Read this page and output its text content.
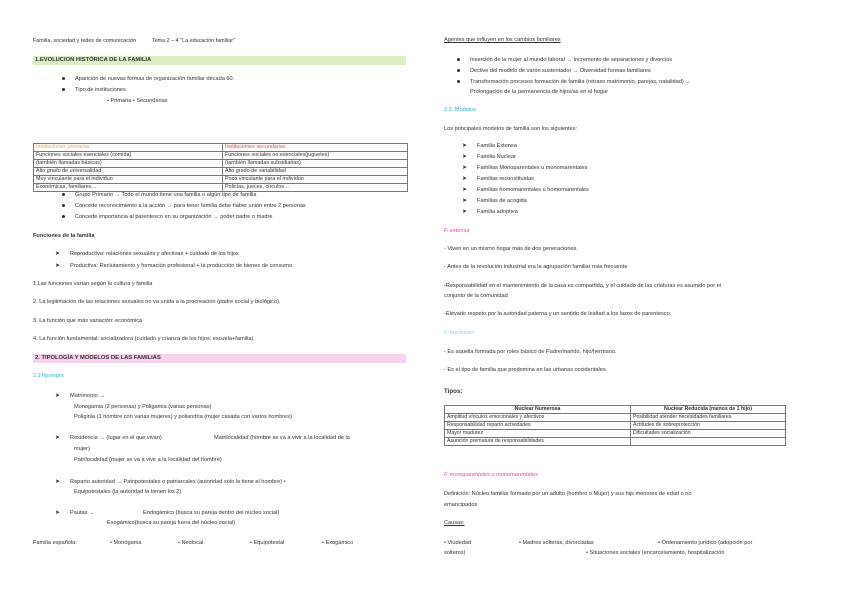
Familia, sociedad y redes de comunicación	Tema 2 – 4 "La educación familiar"
1.EVOLUCION HISTÓRICA DE LA FAMILIA
Aparición de nuevas formas de organización familiar década 60.
Tipo de instituciones
• Primaria • Secundarias
Instituciones primarias	Instituciones secundarias
Funciones sociales esenciales (comida)	Funciones sociales no esenciales(juguetes)
(también llamadas básicas)	(también llamadas subsidiarias)
Alto grado de universalidad	Alto grado de variabilidad
Muy vinculante para el individuo	Poco vinculante para el individuo
Económicas, familiares…	Policías, jueces, círculos…
Grupo Primario → Todo el mundo tiene una familia o algún tipo de familia
Concede reconocimiento a la acción → para tener familia debe haber unión entre 2 personas
Concede importancia al parentesco en su organización → poder padre o madre
Funciones de la familia
➤ Reproductiva: relaciones sexuales y afectivas + cuidado de los hijos
➤ Productiva: Reclutamiento y formación profesional + la producción de bienes de consumo
1.Las funciones varían según la cultura y familia
2. La legitimación de las relaciones sexuales no va unida a la procreación (padre social y biológico).
3. La función que más variación: económica
4. La función fundamental: socializadora (cuidado y crianza de los hijos: escuela+familia)
2. TIPOLOGÍA Y MODELOS DE LAS FAMILIAS
2.1Tipología
➤ Matrimonio →
Monogamia (2 personas) y Poligamia (varias personas)
Poliginia (1 hombre con varias mujeres) y poliandria (mujer casada con varios hombres)
➤ Residencia → (lugar en el que vivan)	Matrilocalidad (hombre se va a vivir a la localidad de la
mujer)
Patrilocalidad (mujer se va a vivir a la localidad del hombre)
➤ Reparto autoridad → Patripotestales o patriarcales (autoridad solo la tiene el hombre) •
Equipotestales (la autoridad la tienen los 2)
➤ Pautas →	Endogámico (busca su pareja dentro del núcleo social)
Exogámico(busca su pareja fuera del núcleo social)
Familia española:	• Monógama	• Neolocal	• Equipotestal	• Exogámico
Agentes que influyen en los cambios familiares
Inserción de la mujer al mundo laboral → Incremento de separaciones y divorcios
Declive del modelo de varón sustentador → Diversidad formas familiares
Transformación procesos formación de familia (retraso matrimonio, parejas, natalidad) →
Prolongación de la permanencia de hijos/as en el hogar
2.2. Modelos
Los principales modelos de familia son los siguientes:
➤ Familia Extensa
➤ Familia Nuclear
➤ Familias Monoparentales u monomarentales
➤ Familias reconstituidas
➤ Familias homomarentales u homomarentales
➤ Familias de acogida
➤ Familia adoptiva
F. extensa
- Viven en un mismo hogar más de dos generaciones.
- Antes de la revolución industrial era la agrupación familiar más frecuente
-Responsabilidad en el mantenimiento de la casa es compartida, y el cuidado de las criaturas es asumido por el
conjunto de la comunidad
-Elevado respeto por la autoridad paterna y un sentido de lealtad a los lazos de parentesco.
F. nucleares
- Es aquella formada por roles básico de Padre/marido, hijo/hermano.
- Es el tipo de familia que predomina en las urbanas occidentales.
Tipos:
Nuclear Numerosa	Nuclear Reducida (menos de 1 hijo)
Amplitud vínculos emocionales y afectivos	Posibilidad atender necesidades familiares
Responsabilidad reparto actividades	Actitudes de sobreprotección
Mayor madurez	Dificultades socialización
Asunción prematura de responsabilidades	
F. monoparentales u monomarentales
Definición: Núcleo familiar formado por un adulto (hombre o Mujer) y sus hijs menores de edad o no
emancipados
Causas:
• Viudedad	• Madres solteras, divorciadas	• Ordenamiento jurídico (adopción por
solteros)	• Situaciones sociales (encarcelamiento, hospitalización
